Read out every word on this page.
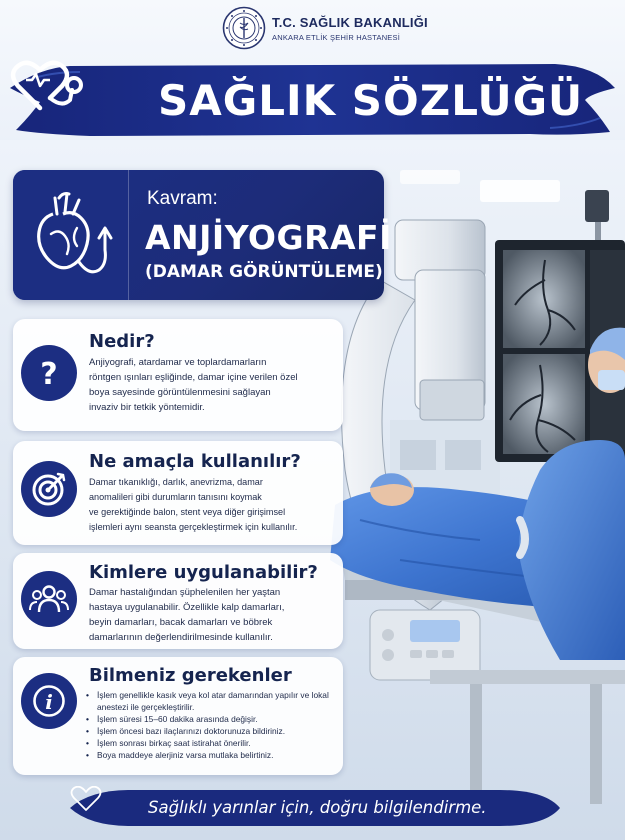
T.C. SAĞLIK BAKANLIĞI
ANKARA ETLİK ŞEHİR HASTANESİ
SAĞLIK SÖZLÜĞÜ
Kavram:
ANJİYOGRAFİ
(DAMAR GÖRÜNTÜLEME)
?
Nedir?
Anjiyografi, atardamar ve toplardamarların
röntgen ışınları eşliğinde, damar içine verilen özel
boya sayesinde görüntülenmesini sağlayan
invaziv bir tetkik yöntemidir.
Ne amaçla kullanılır?
Damar tıkanıklığı, darlık, anevrizma, damar
anomalileri gibi durumların tanısını koymak
ve gerektiğinde balon, stent veya diğer girişimsel
işlemleri aynı seansta gerçekleştirmek için kullanılır.
Kimlere uygulanabilir?
Damar hastalığından şüphelenilen her yaştan
hastaya uygulanabilir. Özellikle kalp damarları,
beyin damarları, bacak damarları ve böbrek
damarlarının değerlendirilmesinde kullanılır.
i
Bilmeniz gerekenler
• İşlem genellikle kasık veya kol atar damarından yapılır ve lokal anestezi ile gerçekleştirilir.
• İşlem süresi 15–60 dakika arasında değişir.
• İşlem öncesi bazı ilaçlarınızı doktorunuza bildiriniz.
• İşlem sonrası birkaç saat istirahat önerilir.
• Boya maddeye alerjiniz varsa mutlaka belirtiniz.
Sağlıklı yarınlar için, doğru bilgilendirme.
